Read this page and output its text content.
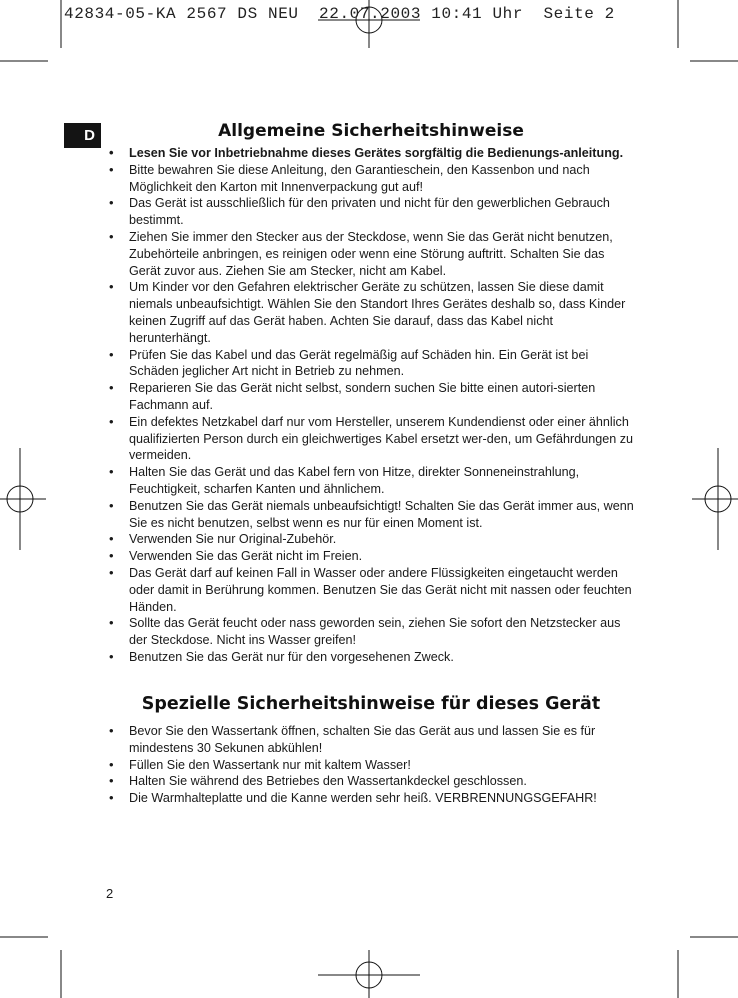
42834-05-KA 2567 DS NEU  22.07.2003 10:41 Uhr  Seite 2
D	Allgemeine Sicherheitshinweise
• Lesen Sie vor Inbetriebnahme dieses Gerätes sorgfältig die Bedienungs-anleitung.
• Bitte bewahren Sie diese Anleitung, den Garantieschein, den Kassenbon und nach Möglichkeit den Karton mit Innenverpackung gut auf!
• Das Gerät ist ausschließlich für den privaten und nicht für den gewerblichen Gebrauch bestimmt.
• Ziehen Sie immer den Stecker aus der Steckdose, wenn Sie das Gerät nicht benutzen, Zubehörteile anbringen, es reinigen oder wenn eine Störung auftritt. Schalten Sie das Gerät zuvor aus. Ziehen Sie am Stecker, nicht am Kabel.
• Um Kinder vor den Gefahren elektrischer Geräte zu schützen, lassen Sie diese damit niemals unbeaufsichtigt. Wählen Sie den Standort Ihres Gerätes deshalb so, dass Kinder keinen Zugriff auf das Gerät haben. Achten Sie darauf, dass das Kabel nicht herunterhängt.
• Prüfen Sie das Kabel und das Gerät regelmäßig auf Schäden hin. Ein Gerät ist bei Schäden jeglicher Art nicht in Betrieb zu nehmen.
• Reparieren Sie das Gerät nicht selbst, sondern suchen Sie bitte einen autori-sierten Fachmann auf.
• Ein defektes Netzkabel darf nur vom Hersteller, unserem Kundendienst oder einer ähnlich qualifizierten Person durch ein gleichwertiges Kabel ersetzt wer-den, um Gefährdungen zu vermeiden.
• Halten Sie das Gerät und das Kabel fern von Hitze, direkter Sonneneinstrahlung, Feuchtigkeit, scharfen Kanten und ähnlichem.
• Benutzen Sie das Gerät niemals unbeaufsichtigt! Schalten Sie das Gerät immer aus, wenn Sie es nicht benutzen, selbst wenn es nur für einen Moment ist.
• Verwenden Sie nur Original-Zubehör.
• Verwenden Sie das Gerät nicht im Freien.
• Das Gerät darf auf keinen Fall in Wasser oder andere Flüssigkeiten eingetaucht werden oder damit in Berührung kommen. Benutzen Sie das Gerät nicht mit nassen oder feuchten Händen.
• Sollte das Gerät feucht oder nass geworden sein, ziehen Sie sofort den Netzstecker aus der Steckdose. Nicht ins Wasser greifen!
• Benutzen Sie das Gerät nur für den vorgesehenen Zweck.
Spezielle Sicherheitshinweise für dieses Gerät
• Bevor Sie den Wassertank öffnen, schalten Sie das Gerät aus und lassen Sie es für mindestens 30 Sekunen abkühlen!
• Füllen Sie den Wassertank nur mit kaltem Wasser!
• Halten Sie während des Betriebes den Wassertankdeckel geschlossen.
• Die Warmhalteplatte und die Kanne werden sehr heiß. VERBRENNUNGSGEFAHR!
2
